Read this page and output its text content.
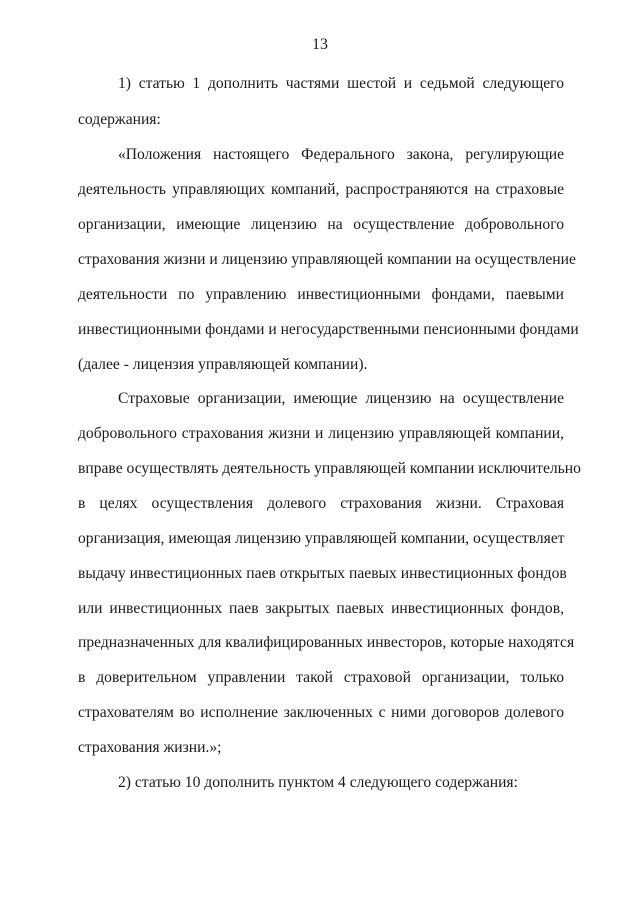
13
1) статью 1 дополнить частями шестой и седьмой следующего
содержания:
«Положения настоящего Федерального закона, регулирующие
деятельность управляющих компаний, распространяются на страховые
организации, имеющие лицензию на осуществление добровольного
страхования жизни и лицензию управляющей компании на осуществление
деятельности по управлению инвестиционными фондами, паевыми
инвестиционными фондами и негосударственными пенсионными фондами
(далее - лицензия управляющей компании).
Страховые организации, имеющие лицензию на осуществление
добровольного страхования жизни и лицензию управляющей компании,
вправе осуществлять деятельность управляющей компании исключительно
в целях осуществления долевого страхования жизни. Страховая
организация, имеющая лицензию управляющей компании, осуществляет
выдачу инвестиционных паев открытых паевых инвестиционных фондов
или инвестиционных паев закрытых паевых инвестиционных фондов,
предназначенных для квалифицированных инвесторов, которые находятся
в доверительном управлении такой страховой организации, только
страхователям во исполнение заключенных с ними договоров долевого
страхования жизни.»;
2) статью 10 дополнить пунктом 4 следующего содержания:
